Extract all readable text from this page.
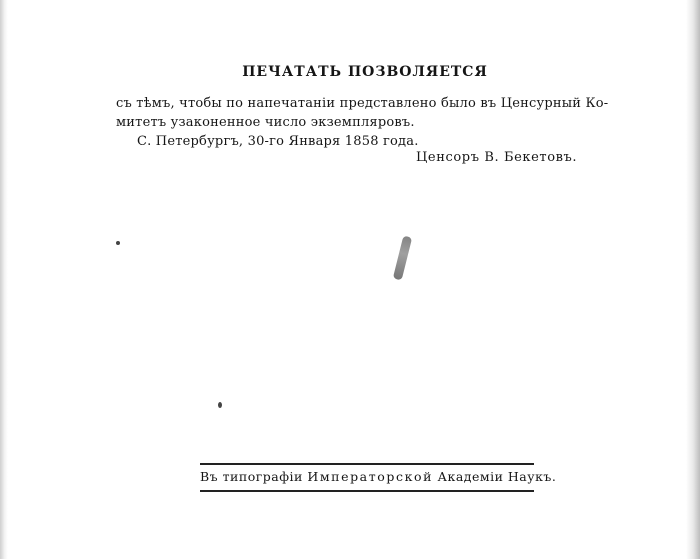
ПЕЧАТАТЬ ПОЗВОЛЯЕТСЯ
съ тѣмъ, чтобы по напечатаніи представлено было въ Ценсурный Ко-
митетъ узаконенное число экземпляровъ.
С. Петербургъ, 30-го Января 1858 года.
Ценсоръ В. Бекетовъ.
Въ типографіи Императорской Академіи Наукъ.
